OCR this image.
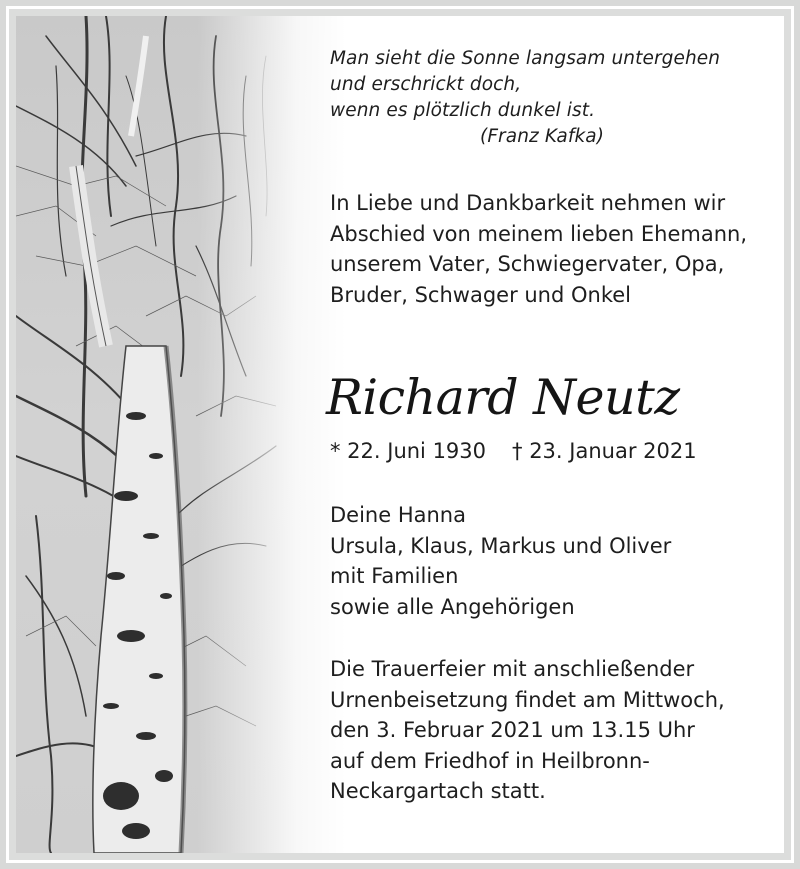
Man sieht die Sonne langsam untergehen
und erschrickt doch,
wenn es plötzlich dunkel ist.
(Franz Kafka)
In Liebe und Dankbarkeit nehmen wir
Abschied von meinem lieben Ehemann,
unserem Vater, Schwiegervater, Opa,
Bruder, Schwager und Onkel
Richard Neutz
* 22. Juni 1930 † 23. Januar 2021
Deine Hanna
Ursula, Klaus, Markus und Oliver
mit Familien
sowie alle Angehörigen
Die Trauerfeier mit anschließender
Urnenbeisetzung findet am Mittwoch,
den 3. Februar 2021 um 13.15 Uhr
auf dem Friedhof in Heilbronn-
Neckargartach statt.
